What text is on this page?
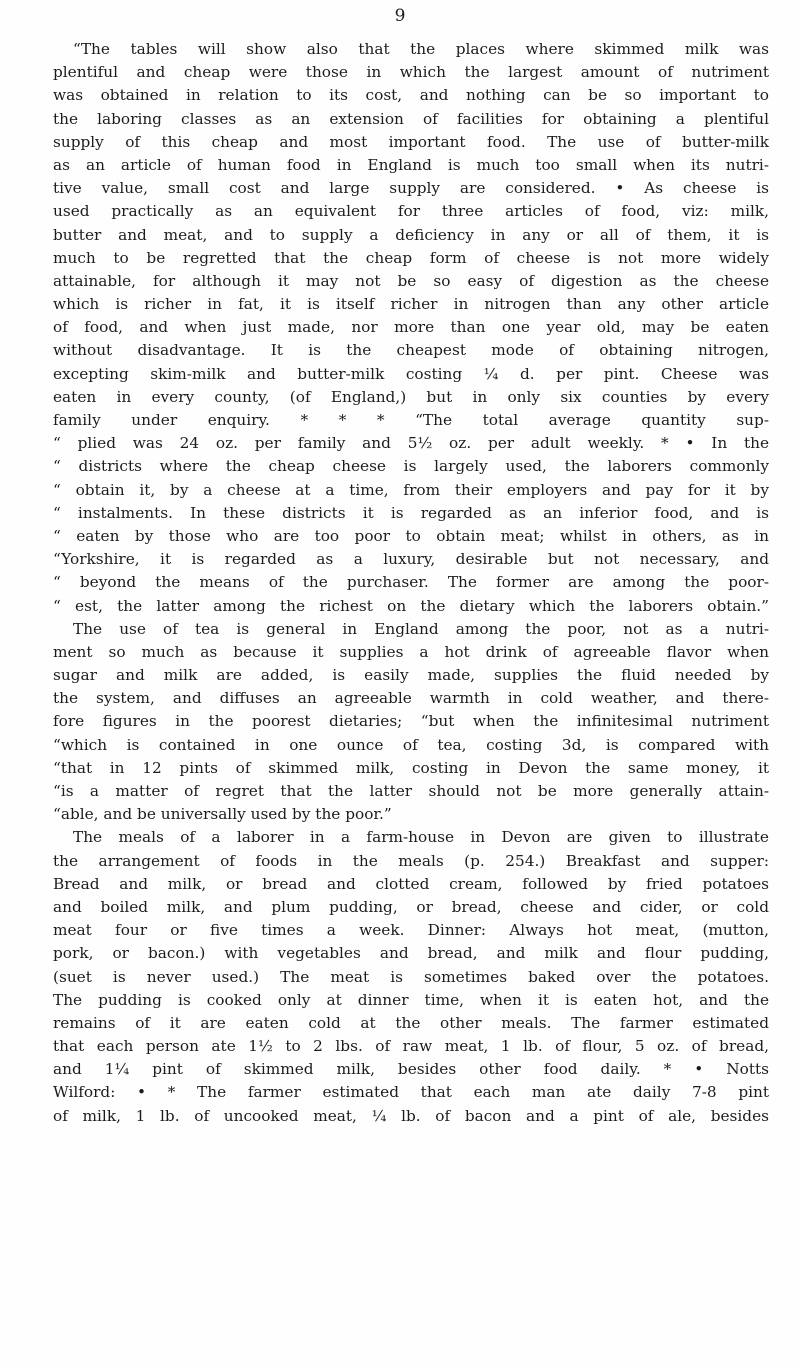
9
“The tables will show also that the places where skimmed milk was
plentiful and cheap were those in which the largest amount of nutriment
was obtained in relation to its cost, and nothing can be so important to
the laboring classes as an extension of facilities for obtaining a plentiful
supply of this cheap and most important food. The use of butter-milk
as an article of human food in England is much too small when its nutri-
tive value, small cost and large supply are considered. • As cheese is
used practically as an equivalent for three articles of food, viz: milk,
butter and meat, and to supply a deficiency in any or all of them, it is
much to be regretted that the cheap form of cheese is not more widely
attainable, for although it may not be so easy of digestion as the cheese
which is richer in fat, it is itself richer in nitrogen than any other article
of food, and when just made, nor more than one year old, may be eaten
without disadvantage. It is the cheapest mode of obtaining nitrogen,
excepting skim-milk and butter-milk costing ¼ d. per pint. Cheese was
eaten in every county, (of England,) but in only six counties by every
family under enquiry. * * * “The total average quantity sup-
“ plied was 24 oz. per family and 5½ oz. per adult weekly. * • In the
“ districts where the cheap cheese is largely used, the laborers commonly
“ obtain it, by a cheese at a time, from their employers and pay for it by
“ instalments. In these districts it is regarded as an inferior food, and is
“ eaten by those who are too poor to obtain meat; whilst in others, as in
“Yorkshire, it is regarded as a luxury, desirable but not necessary, and
“ beyond the means of the purchaser. The former are among the poor-
“ est, the latter among the richest on the dietary which the laborers obtain.”
The use of tea is general in England among the poor, not as a nutri-
ment so much as because it supplies a hot drink of agreeable flavor when
sugar and milk are added, is easily made, supplies the fluid needed by
the system, and diffuses an agreeable warmth in cold weather, and there-
fore figures in the poorest dietaries; “but when the infinitesimal nutriment
“which is contained in one ounce of tea, costing 3d, is compared with
“that in 12 pints of skimmed milk, costing in Devon the same money, it
“is a matter of regret that the latter should not be more generally attain-
“able, and be universally used by the poor.”
The meals of a laborer in a farm-house in Devon are given to illustrate
the arrangement of foods in the meals (p. 254.) Breakfast and supper:
Bread and milk, or bread and clotted cream, followed by fried potatoes
and boiled milk, and plum pudding, or bread, cheese and cider, or cold
meat four or five times a week. Dinner: Always hot meat, (mutton,
pork, or bacon.) with vegetables and bread, and milk and flour pudding,
(suet is never used.) The meat is sometimes baked over the potatoes.
The pudding is cooked only at dinner time, when it is eaten hot, and the
remains of it are eaten cold at the other meals. The farmer estimated
that each person ate 1½ to 2 lbs. of raw meat, 1 lb. of flour, 5 oz. of bread,
and 1¼ pint of skimmed milk, besides other food daily. * • Notts
Wilford: • * The farmer estimated that each man ate daily 7-8 pint
of milk, 1 lb. of uncooked meat, ¼ lb. of bacon and a pint of ale, besides
